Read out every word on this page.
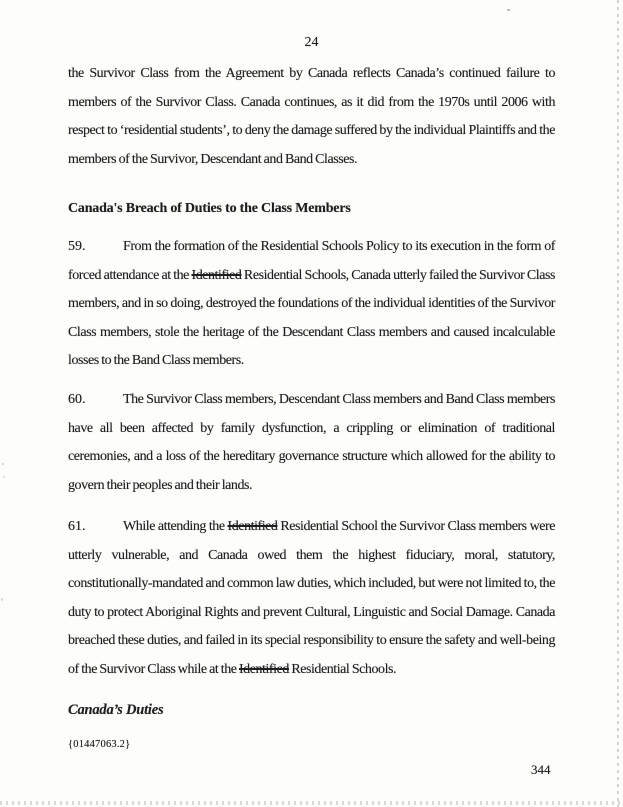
24

the Survivor Class from the Agreement by Canada reflects Canada’s continued failure to members of the Survivor Class. Canada continues, as it did from the 1970s until 2006 with respect to ‘residential students’, to deny the damage suffered by the individual Plaintiffs and the members of the Survivor, Descendant and Band Classes.

Canada's Breach of Duties to the Class Members

59.	From the formation of the Residential Schools Policy to its execution in the form of forced attendance at the Identified Residential Schools, Canada utterly failed the Survivor Class members, and in so doing, destroyed the foundations of the individual identities of the Survivor Class members, stole the heritage of the Descendant Class members and caused incalculable losses to the Band Class members.

60.	The Survivor Class members, Descendant Class members and Band Class members have all been affected by family dysfunction, a crippling or elimination of traditional ceremonies, and a loss of the hereditary governance structure which allowed for the ability to govern their peoples and their lands.

61.	While attending the Identified Residential School the Survivor Class members were utterly vulnerable, and Canada owed them the highest fiduciary, moral, statutory, constitutionally-mandated and common law duties, which included, but were not limited to, the duty to protect Aboriginal Rights and prevent Cultural, Linguistic and Social Damage. Canada breached these duties, and failed in its special responsibility to ensure the safety and well-being of the Survivor Class while at the Identified Residential Schools.

Canada’s Duties
{01447063.2}
344
